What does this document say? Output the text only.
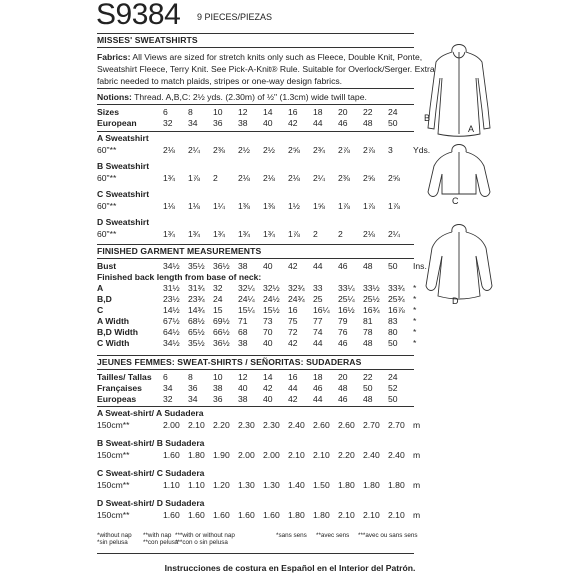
S9384 9 PIECES/PIEZAS
MISSES' SWEATSHIRTS
Fabrics: All Views are sized for stretch knits only such as Fleece, Double Knit, Ponte,
Sweatshirt Fleece, Terry Knit. See Pick-A-Knit® Rule. Suitable for Overlock/Serger. Extra
fabric needed to match plaids, stripes or one-way design fabrics.
Notions: Thread. A,B,C: 2½ yds. (2.30m) of ½" (1.3cm) wide twill tape.
Sizes	6	8	10	12	14	16	18	20	22	24	
European	32	34	36	38	40	42	44	46	48	50	
A Sweatshirt
60"**	2⅛	2¼	2⅜	2½	2½	2⅝	2¾	2⅞	2⅞	3	Yds.
B Sweatshirt
60"**	1¾	1⅞	2	2⅛	2⅛	2⅛	2¼	2⅜	2⅝	2⅝	
C Sweatshirt
60"**	1⅛	1⅛	1¼	1⅜	1⅜	1½	1⅝	1⅞	1⅞	1⅞	
D Sweatshirt
60"**	1¾	1¾	1¾	1¾	1¾	1⅞	2	2	2⅛	2¼	
FINISHED GARMENT MEASUREMENTS
Bust	34½	35½	36½	38	40	42	44	46	48	50	Ins.
Finished back length from base of neck:
A	31½	31¾	32	32¼	32½	32¾	33	33¼	33½	33¾	*
B,D	23½	23¾	24	24¼	24½	24¾	25	25¼	25½	25¾	*
C	14½	14¾	15	15¼	15½	16	16¼	16½	16¾	16⅞	*
A Width	67½	68½	69½	71	73	75	77	79	81	83	*
B,D Width	64½	65½	66½	68	70	72	74	76	78	80	*
C Width	34½	35½	36½	38	40	42	44	46	48	50	*
JEUNES FEMMES: SWEAT-SHIRTS / SEÑORITAS: SUDADERAS
Tailles/ Tallas	6	8	10	12	14	16	18	20	22	24	
Françaises	34	36	38	40	42	44	46	48	50	52	
Europeas	32	34	36	38	40	42	44	46	48	50	
A Sweat-shirt/ A Sudadera
150cm**	2.00	2.10	2.20	2.30	2.30	2.40	2.60	2.60	2.70	2.70	m
B Sweat-shirt/ B Sudadera
150cm**	1.60	1.80	1.90	2.00	2.00	2.10	2.10	2.20	2.40	2.40	m
C Sweat-shirt/ C Sudadera
150cm**	1.10	1.10	1.20	1.30	1.30	1.40	1.50	1.80	1.80	1.80	m
D Sweat-shirt/ D Sudadera
150cm**	1.60	1.60	1.60	1.60	1.60	1.80	1.80	2.10	2.10	2.10	m
*without nap
*sin pelusa
**with nap
**con pelusa
***with or without nap
***con o sin pelusa
*sans sens **avec sens ***avec ou sans sens
Instrucciones de costura en Español en el Interior del Patrón.
A
B
C
D
